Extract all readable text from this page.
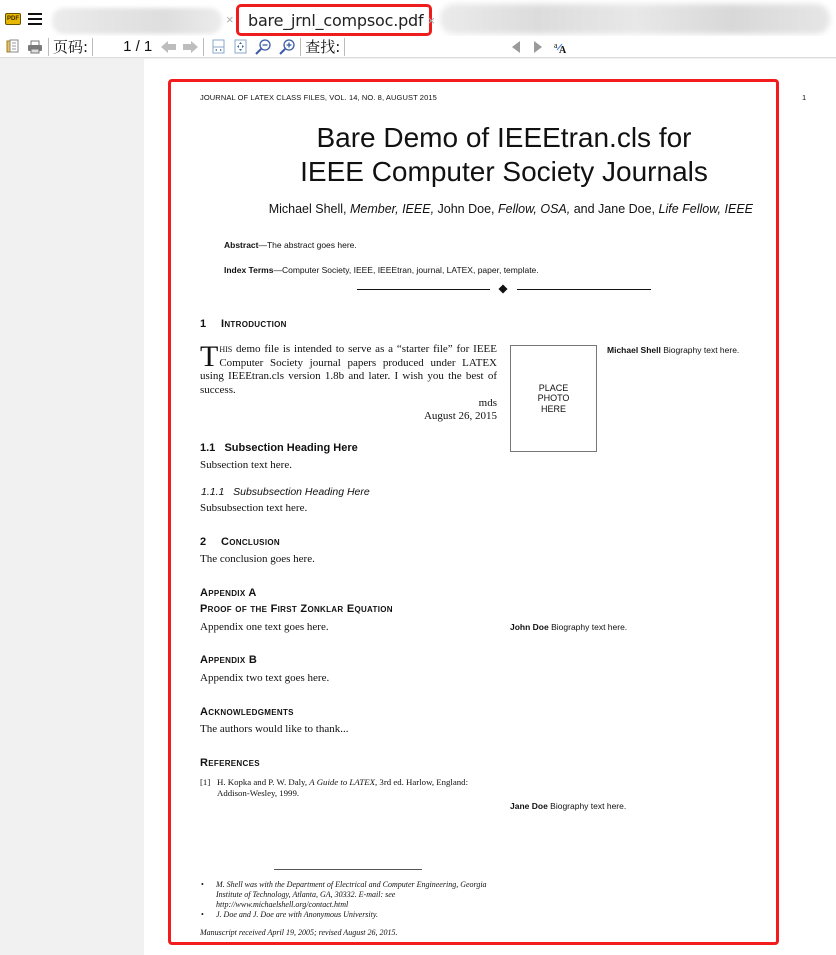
PDF	× bare_jrnl_compsoc.pdf ×
页码: 1 / 1	查找:	a A
JOURNAL OF LATEX CLASS FILES, VOL. 14, NO. 8, AUGUST 2015	1
Bare Demo of IEEEtran.cls for
IEEE Computer Society Journals
Michael Shell, Member, IEEE, John Doe, Fellow, OSA, and Jane Doe, Life Fellow, IEEE
Abstract—The abstract goes here.
Index Terms—Computer Society, IEEE, IEEEtran, journal, LATEX, paper, template.
1 Introduction
This demo file is intended to serve as a “starter file” for IEEE Computer Society journal papers produced under LATEX using IEEEtran.cls version 1.8b and later. I wish you the best of success.
mds
August 26, 2015
1.1 Subsection Heading Here
Subsection text here.
1.1.1 Subsubsection Heading Here
Subsubsection text here.
2 Conclusion
The conclusion goes here.
Appendix A
Proof of the First Zonklar Equation
Appendix one text goes here.
Appendix B
Appendix two text goes here.
Acknowledgments
The authors would like to thank...
References
[1] H. Kopka and P. W. Daly, A Guide to LATEX, 3rd ed. Harlow, England: Addison-Wesley, 1999.
PLACE
PHOTO
HERE
Michael Shell Biography text here.
John Doe Biography text here.
Jane Doe Biography text here.
• M. Shell was with the Department of Electrical and Computer Engineering, Georgia Institute of Technology, Atlanta, GA, 30332. E-mail: see http://www.michaelshell.org/contact.html
• J. Doe and J. Doe are with Anonymous University.
Manuscript received April 19, 2005; revised August 26, 2015.
